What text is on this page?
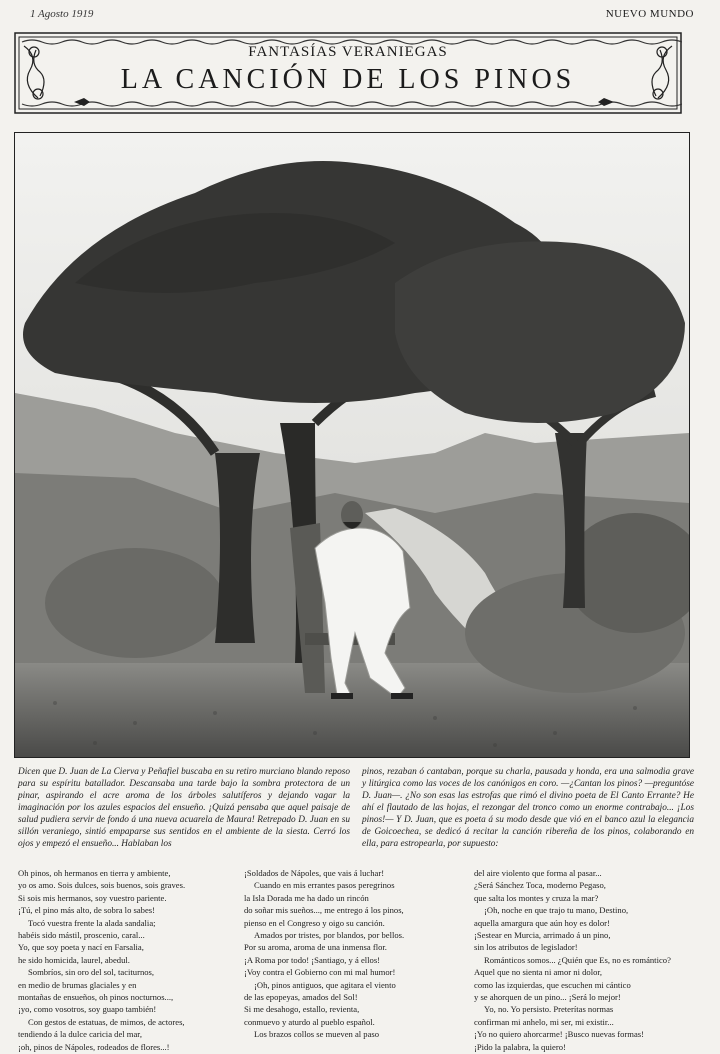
1 Agosto 1919	NUEVO MUNDO
FANTASÍAS VERANIEGAS
LA CANCIÓN DE LOS PINOS
Dicen que D. Juan de La Cierva y Peñafiel buscaba en su retiro murciano blando reposo para su espíritu batallador. Descansaba una tarde bajo la sombra protectora de un pinar, aspirando el acre aroma de los árboles salutíferos y dejando vagar la imaginación por los azules espacios del ensueño. ¡Quizá pensaba que aquel paisaje de salud pudiera servir de fondo á una nueva acuarela de Maura! Retrepado D. Juan en su sillón veraniego, sintió empaparse sus sentidos en el ambiente de la siesta. Cerró los ojos y empezó el ensueño... Hablaban los
pinos, rezaban ó cantaban, porque su charla, pausada y honda, era una salmodia grave y litúrgica como las voces de los canónigos en coro. —¿Cantan los pinos? —preguntóse D. Juan—. ¿No son esas las estrofas que rimó el divino poeta de El Canto Errante? He ahí el flautado de las hojas, el rezongar del tronco como un enorme contrabajo... ¡Los pinos!— Y D. Juan, que es poeta á su modo desde que vió en el banco azul la elegancia de Goicoechea, se dedicó á recitar la canción ribereña de los pinos, colaborando en ella, para estropearla, por supuesto:

Oh pinos, oh hermanos en tierra y ambiente,

yo os amo. Sois dulces, sois buenos, sois graves.

Si sois mis hermanos, soy vuestro pariente.

¡Tú, el pino más alto, de sobra lo sabes!

Tocó vuestra frente la alada sandalia;

habéis sido mástil, proscenio, caral...

Yo, que soy poeta y nací en Farsalia,

he sido homicida, laurel, abedul.

Sombríos, sin oro del sol, taciturnos,

en medio de brumas glaciales y en

montañas de ensueños, oh pinos nocturnos...,

¡yo, como vosotros, soy guapo también!

Con gestos de estatuas, de mimos, de actores,

tendiendo á la dulce caricia del mar,

¡oh, pinos de Nápoles, rodeados de flores...!

¡Soldados de Nápoles, que vais á luchar!

Cuando en mis errantes pasos peregrinos

la Isla Dorada me ha dado un rincón

do soñar mis sueños..., me entrego á los pinos,

pienso en el Congreso y oigo su canción.

Amados por tristes, por blandos, por bellos.

Por su aroma, aroma de una inmensa flor.

¡A Roma por todo! ¡Santiago, y á ellos!

¡Voy contra el Gobierno con mi mal humor!

¡Oh, pinos antiguos, que agitara el viento

de las epopeyas, amados del Sol!

Si me desahogo, estallo, revienta,

conmuevo y aturdo al pueblo español.

Los brazos collos se mueven al paso

del aire violento que forma al pasar...

¿Será Sánchez Toca, moderno Pegaso,

que salta los montes y cruza la mar?

¡Oh, noche en que trajo tu mano, Destino,

aquella amargura que aún hoy es dolor!

¡Sestear en Murcia, arrimado á un pino,

sin los atributos de legislador!

Románticos somos... ¿Quién que Es, no es romántico?

Aquel que no sienta ni amor ni dolor,

como las izquierdas, que escuchen mi cántico

y se ahorquen de un pino... ¡Será lo mejor!

Yo, no. Yo persisto. Preterítas normas

confirman mi anhelo, mi ser, mi existir...

¡Yo no quiero ahorcarme! ¡Busco nuevas formas!

¡Pido la palabra, la quiero!
